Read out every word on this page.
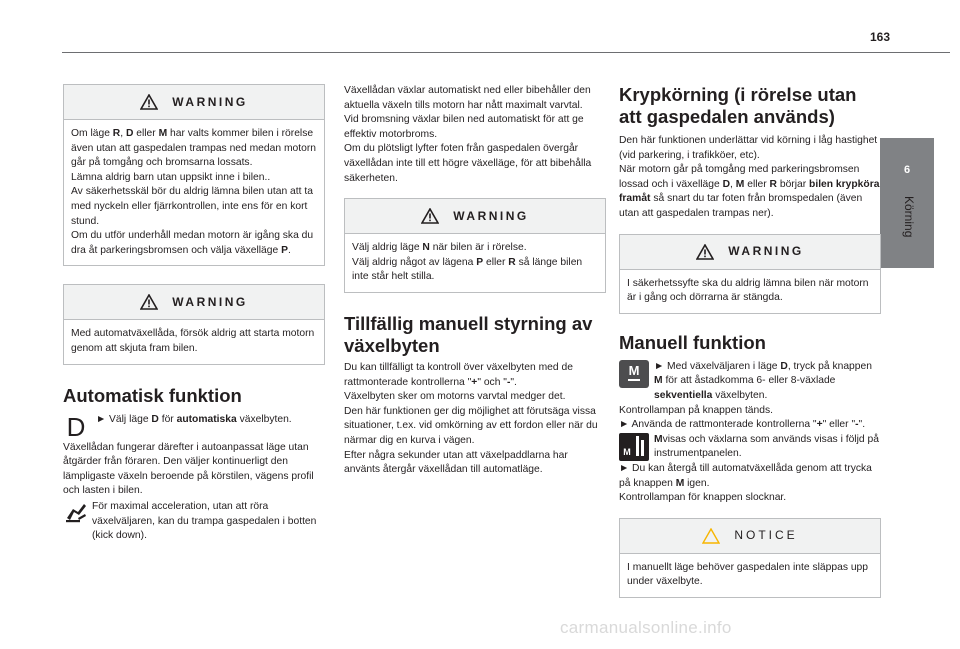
163
6
Körning
WARNING

Om läge R, D eller M har valts kommer bilen i rörelse även utan att gaspedalen trampas ned medan motorn går på tomgång och bromsarna lossats.

Lämna aldrig barn utan uppsikt inne i bilen..

Av säkerhetsskäl bör du aldrig lämna bilen utan att ta med nyckeln eller fjärrkontrollen, inte ens för en kort stund.

Om du utför underhåll medan motorn är igång ska du dra åt parkeringsbromsen och välja växelläge P.

WARNING

Med automatväxellåda, försök aldrig att starta motorn genom att skjuta fram bilen.

Automatisk funktion
D	► Välj läge D för automatiska växelbyten.

Växellådan fungerar därefter i autoanpassat läge utan åtgärder från föraren. Den väljer kontinuerligt den lämpligaste växeln beroende på körstilen, vägens profil och lasten i bilen.

För maximal acceleration, utan att röra växelväljaren, kan du trampa gaspedalen i botten (kick down).

Växellådan växlar automatiskt ned eller bibehåller den aktuella växeln tills motorn har nått maximalt varvtal.

Vid bromsning växlar bilen ned automatiskt för att ge effektiv motorbroms.

Om du plötsligt lyfter foten från gaspedalen övergår växellådan inte till ett högre växelläge, för att bibehålla säkerheten.

WARNING

Välj aldrig läge N när bilen är i rörelse.

Välj aldrig något av lägena P eller R så länge bilen inte står helt stilla.

Tillfällig manuell styrning av växelbyten

Du kan tillfälligt ta kontroll över växelbyten med de rattmonterade kontrollerna "+" och "-".

Växelbyten sker om motorns varvtal medger det.

Den här funktionen ger dig möjlighet att förutsäga vissa situationer, t.ex. vid omkörning av ett fordon eller när du närmar dig en kurva i vägen.

Efter några sekunder utan att växelpaddlarna har använts återgår växellådan till automatläge.

Krypkörning (i rörelse utan att gaspedalen används)

Den här funktionen underlättar vid körning i låg hastighet (vid parkering, i trafikköer, etc).

När motorn går på tomgång med parkeringsbromsen lossad och i växelläge D, M eller R börjar bilen krypköra framåt så snart du tar foten från bromspedalen (även utan att gaspedalen trampas ner).

WARNING

I säkerhetssyfte ska du aldrig lämna bilen när motorn är i gång och dörrarna är stängda.

Manuell funktion
M ► Med växelväljaren i läge D, tryck på knappen M för att åstadkomma 6- eller 8-växlade sekventiella växelbyten.

Kontrollampan på knappen tänds.

► Använda de rattmonterade kontrollerna "+" eller "-".

M

Mvisas och växlarna som används visas i följd på instrumentpanelen.

► Du kan återgå till automatväxellåda genom att trycka på knappen M igen.

Kontrollampan för knappen slocknar.

NOTICE

I manuellt läge behöver gaspedalen inte släppas upp under växelbyte.

carmanualsonline.info
